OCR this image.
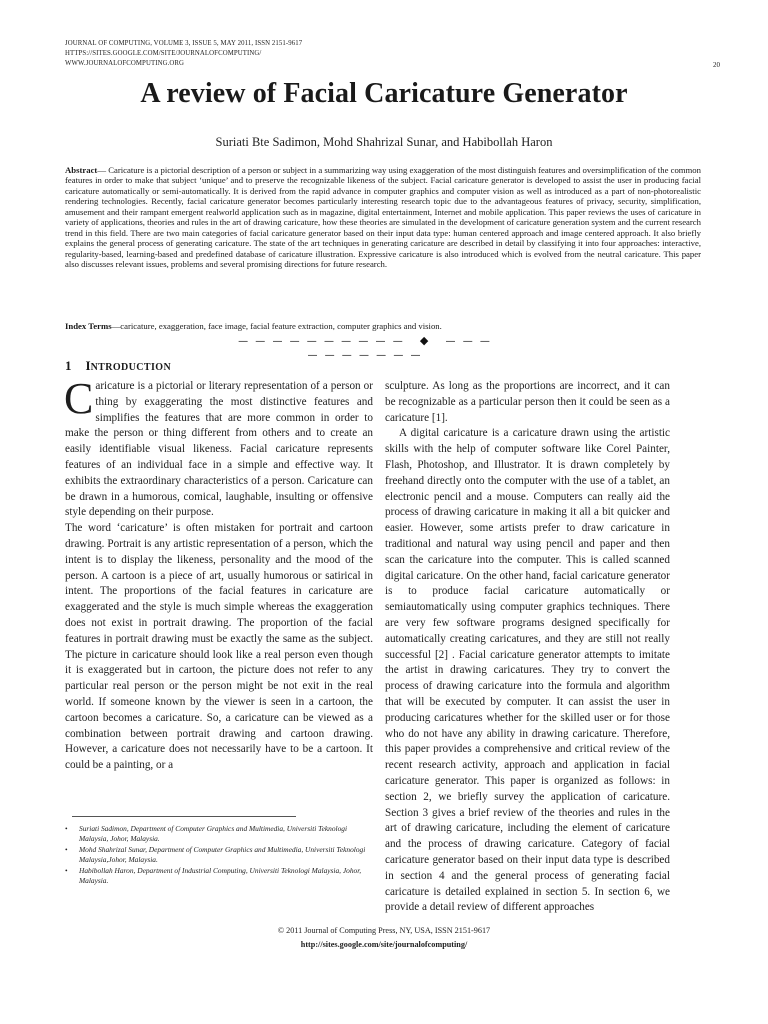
JOURNAL OF COMPUTING, VOLUME 3, ISSUE 5, MAY 2011, ISSN 2151-9617
HTTPS://SITES.GOOGLE.COM/SITE/JOURNALOFCOMPUTING/
WWW.JOURNALOFCOMPUTING.ORG	20
A review of Facial Caricature Generator
Suriati Bte Sadimon, Mohd Shahrizal Sunar, and Habibollah Haron
Abstract— Caricature is a pictorial description of a person or subject in a summarizing way using exaggeration of the most distinguish features and oversimplification of the common features in order to make that subject ‘unique’ and to preserve the recognizable likeness of the subject. Facial caricature generator is developed to assist the user in producing facial caricature automatically or semi-automatically. It is derived from the rapid advance in computer graphics and computer vision as well as introduced as a part of non-photorealistic rendering technologies. Recently, facial caricature generator becomes particularly interesting research topic due to the advantageous features of privacy, security, simplification, amusement and their rampant emergent realworld application such as in magazine, digital entertainment, Internet and mobile application. This paper reviews the uses of caricature in variety of applications, theories and rules in the art of drawing caricature, how these theories are simulated in the development of caricature generation system and the current research trend in this field. There are two main categories of facial caricature generator based on their input data type: human centered approach and image centered approach. It also briefly explains the general process of generating caricature. The state of the art techniques in generating caricature are described in detail by classifying it into four approaches: interactive, regularity-based, learning-based and predefined database of caricature illustration. Expressive caricature is also introduced which is evolved from the neutral caricature. This paper also discusses relevant issues, problems and several promising directions for future research.
Index Terms—caricature, exaggeration, face image, facial feature extraction, computer graphics and vision.
— — — — — — — — — — ◆ — — — — — — — — — —
1 INTRODUCTION

Caricature is a pictorial or literary representation of a person or thing by exaggerating the most distinctive features and simplifies the features that are more common in order to make the person or thing different from others and to create an easily identifiable visual likeness. Facial caricature represents features of an individual face in a simple and effective way. It exhibits the extraordinary characteristics of a person. Caricature can be drawn in a humorous, comical, laughable, insulting or offensive style depending on their purpose.

The word ‘caricature’ is often mistaken for portrait and cartoon drawing. Portrait is any artistic representation of a person, which the intent is to display the likeness, personality and the mood of the person. A cartoon is a piece of art, usually humorous or satirical in intent. The proportions of the facial features in caricature are exaggerated and the style is much simple whereas the exaggeration does not exist in portrait drawing. The proportion of the facial features in portrait drawing must be exactly the same as the subject. The picture in caricature should look like a real person even though it is exaggerated but in cartoon, the picture does not refer to any particular real person or the person might be not exit in the real world. If someone known by the viewer is seen in a cartoon, the cartoon becomes a caricature. So, a caricature can be viewed as a combination between portrait drawing and cartoon drawing. However, a caricature does not necessarily have to be a cartoon. It could be a painting, or a

• Suriati Sadimon, Department of Computer Graphics and Multimedia, Universiti Teknologi Malaysia, Johor, Malaysia.
• Mohd Shahrizal Sunar, Department of Computer Graphics and Multimedia, Universiti Teknologi Malaysia,Johor, Malaysia.
• Habibollah Haron, Department of Industrial Computing, Universiti Teknologi Malaysia, Johor, Malaysia.

sculpture. As long as the proportions are incorrect, and it can be recognizable as a particular person then it could be seen as a caricature [1].

A digital caricature is a caricature drawn using the artistic skills with the help of computer software like Corel Painter, Flash, Photoshop, and Illustrator. It is drawn completely by freehand directly onto the computer with the use of a tablet, an electronic pencil and a mouse. Computers can really aid the process of drawing caricature in making it all a bit quicker and easier. However, some artists prefer to draw caricature in traditional and natural way using pencil and paper and then scan the caricature into the computer. This is called scanned digital caricature. On the other hand, facial caricature generator is to produce facial caricature automatically or semiautomatically using computer graphics techniques. There are very few software programs designed specifically for automatically creating caricatures, and they are still not really successful [2] . Facial caricature generator attempts to imitate the artist in drawing caricatures. They try to convert the process of drawing caricature into the formula and algorithm that will be executed by computer. It can assist the user in producing caricatures whether for the skilled user or for those who do not have any ability in drawing caricature. Therefore, this paper provides a comprehensive and critical review of the recent research activity, approach and application in facial caricature generator. This paper is organized as follows: in section 2, we briefly survey the application of caricature. Section 3 gives a brief review of the theories and rules in the art of drawing caricature, including the element of caricature and the process of drawing caricature. Category of facial caricature generator based on their input data type is described in section 4 and the general process of generating facial caricature is detailed explained in section 5. In section 6, we provide a detail review of different approaches

© 2011 Journal of Computing Press, NY, USA, ISSN 2151-9617
http://sites.google.com/site/journalofcomputing/
